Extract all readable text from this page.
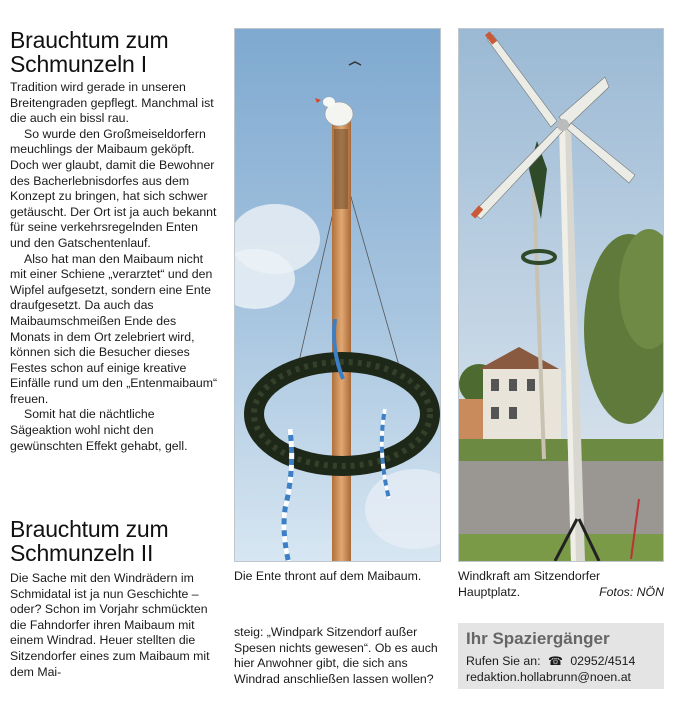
Brauchtum zum
Schmunzeln I

Tradition wird gerade in unseren Breitengraden gepflegt. Manchmal ist die auch ein bissl rau.

So wurde den Großmeiseldorfern meuchlings der Maibaum geköpft. Doch wer glaubt, damit die Bewohner des Bacherlebnisdorfes aus dem Konzept zu bringen, hat sich schwer getäuscht. Der Ort ist ja auch bekannt für seine verkehrsregelnden Enten und den Gatschentenlauf.

Also hat man den Maibaum nicht mit einer Schiene „verarztet“ und den Wipfel aufgesetzt, sondern eine Ente draufgesetzt. Da auch das Maibaumschmeißen Ende des Monats in dem Ort zelebriert wird, können sich die Besucher dieses Festes schon auf einige kreative Einfälle rund um den „Entenmaibaum“ freuen.

Somit hat die nächtliche Sägeaktion wohl nicht den gewünschten Effekt gehabt, gell.

Brauchtum zum
Schmunzeln II

Die Sache mit den Windrädern im Schmidatal ist ja nun Geschichte – oder? Schon im Vorjahr schmückten die Fahndorfer ihren Maibaum mit einem Windrad. Heuer stellten die Sitzendorfer eines zum Maibaum mit dem Mai-

Die Ente thront auf dem Maibaum.

steig: „Windpark Sitzendorf außer Spesen nichts gewesen“. Ob es auch hier Anwohner gibt, die sich ans Windrad anschließen lassen wollen?

Windkraft am Sitzendorfer Hauptplatz.	Fotos: NÖN

Ihr Spaziergänger

Rufen Sie an: ☎ 02952/4514

redaktion.hollabrunn@noen.at
